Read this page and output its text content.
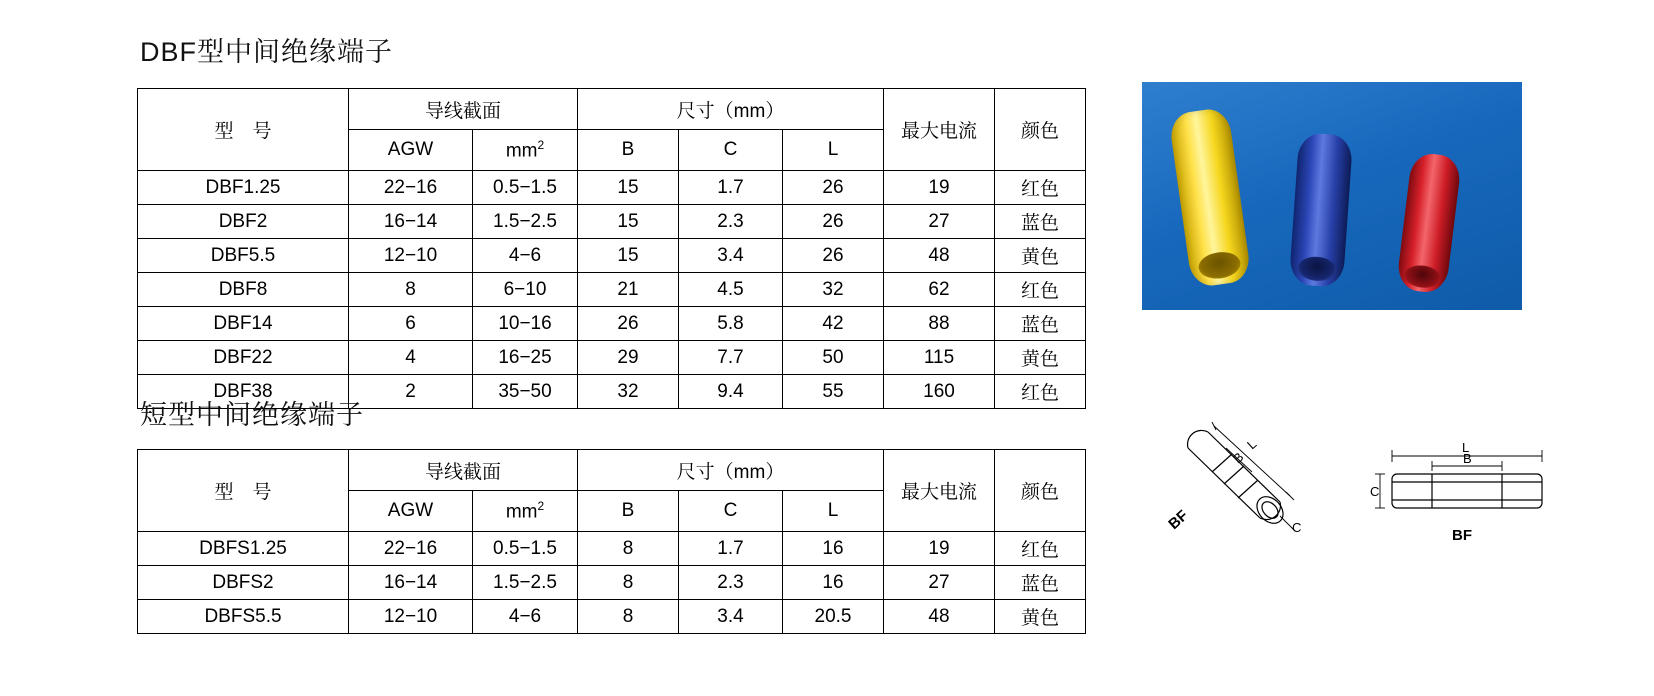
DBF型中间绝缘端子
型　号	导线截面		尺寸（mm）			最大电流	颜色
	AGW	$mm^2$	B	C	L		
DBF1.25	22−16	0.5−1.5	15	1.7	26	19	红色
DBF2	16−14	1.5−2.5	15	2.3	26	27	蓝色
DBF5.5	12−10	4−6	15	3.4	26	48	黄色
DBF8	8	6−10	21	4.5	32	62	红色
DBF14	6	10−16	26	5.8	42	88	蓝色
DBF22	4	16−25	29	7.7	50	115	黄色
DBF38	2	35−50	32	9.4	55	160	红色
短型中间绝缘端子
型　号	导线截面		尺寸（mm）			最大电流	颜色
	AGW	$mm^2$	B	C	L		
DBFS1.25	22−16	0.5−1.5	8	1.7	16	19	红色
DBFS2	16−14	1.5−2.5	8	2.3	16	27	蓝色
DBFS5.5	12−10	4−6	8	3.4	20.5	48	黄色
L
B
C
BF
L
B
C
BF
